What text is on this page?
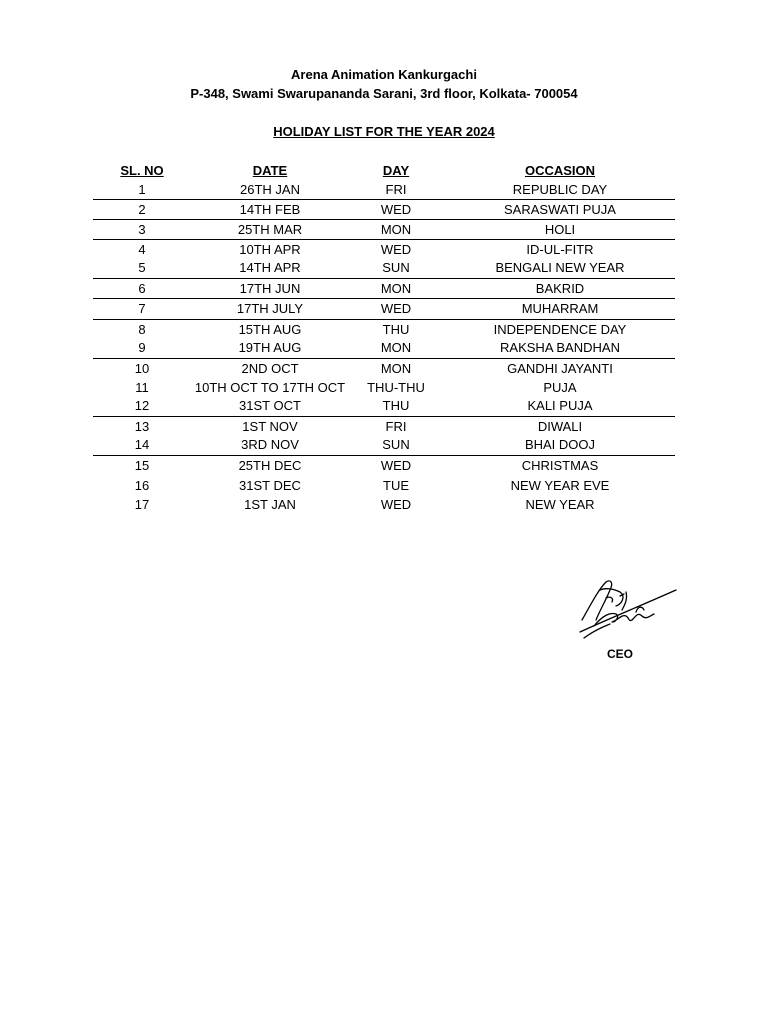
Arena Animation Kankurgachi
P-348, Swami Swarupananda Sarani, 3rd floor, Kolkata- 700054
HOLIDAY LIST FOR THE YEAR 2024
SL. NO	DATE	DAY	OCCASION
1	26TH JAN	FRI	REPUBLIC DAY
2	14TH FEB	WED	SARASWATI PUJA
3	25TH MAR	MON	HOLI
4	10TH APR	WED	ID-UL-FITR
5	14TH APR	SUN	BENGALI NEW YEAR
6	17TH JUN	MON	BAKRID
7	17TH JULY	WED	MUHARRAM
8	15TH AUG	THU	INDEPENDENCE DAY
9	19TH AUG	MON	RAKSHA BANDHAN
10	2ND OCT	MON	GANDHI JAYANTI
11	10TH OCT TO 17TH OCT	THU-THU	PUJA
12	31ST OCT	THU	KALI PUJA
13	1ST NOV	FRI	DIWALI
14	3RD NOV	SUN	BHAI DOOJ
15	25TH DEC	WED	CHRISTMAS
16	31ST DEC	TUE	NEW YEAR EVE
17	1ST JAN	WED	NEW YEAR
CEO
